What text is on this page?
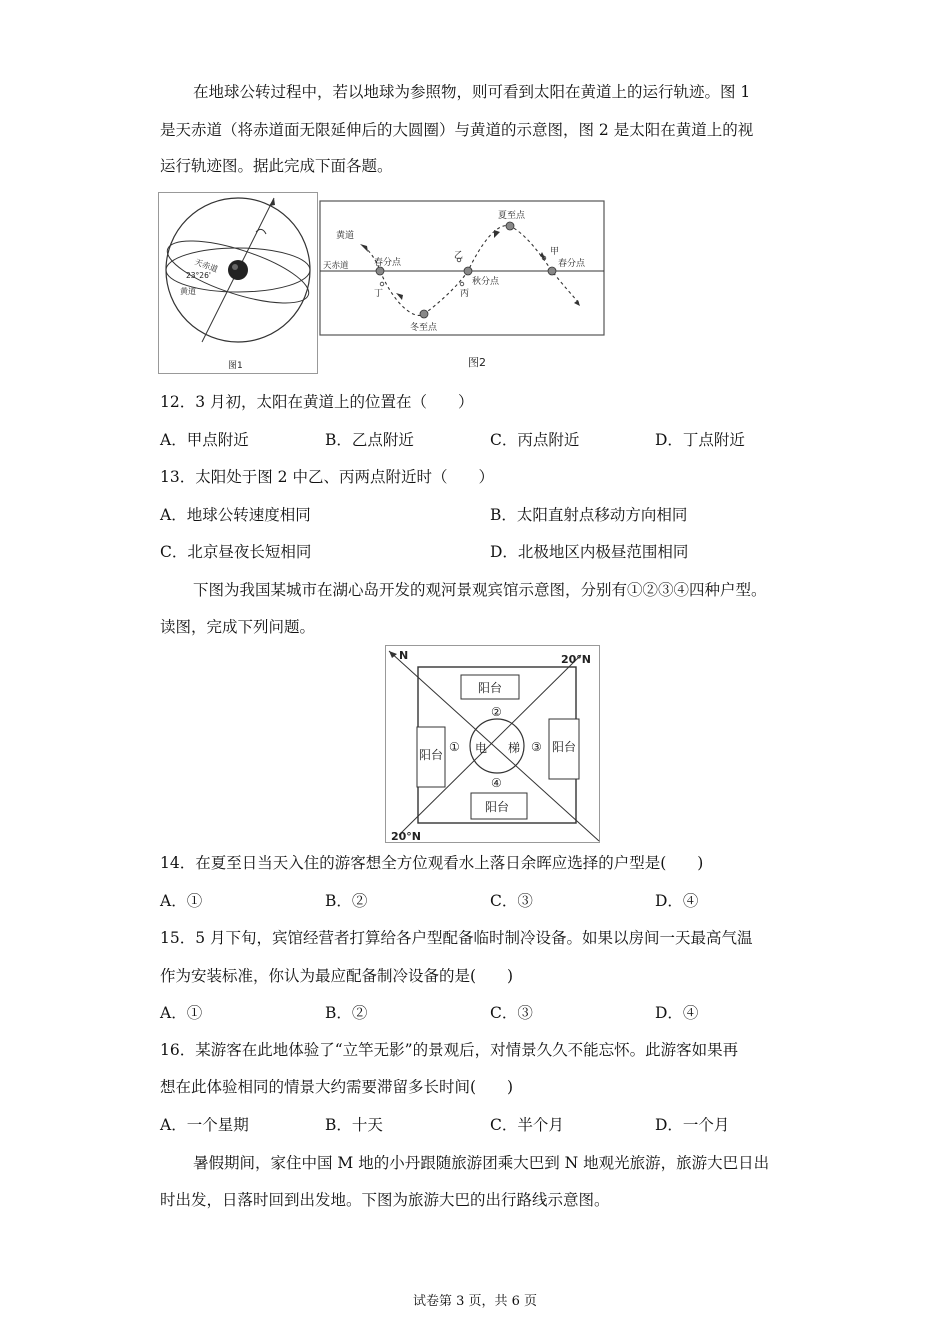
在地球公转过程中，若以地球为参照物，则可看到太阳在黄道上的运行轨迹。图 1
是天赤道（将赤道面无限延伸后的大圆圈）与黄道的示意图，图 2 是太阳在黄道上的视
运行轨迹图。据此完成下面各题。
天赤道
23°26'
黄道
图1
黄道
天赤道	春分点
夏至点
乙
秋分点
丙
丁
冬至点
甲
春分点
图2
12．3 月初，太阳在黄道上的位置在（　　）
A．甲点附近	B．乙点附近	C．丙点附近	D．丁点附近
13．太阳处于图 2 中乙、丙两点附近时（　　）
A．地球公转速度相同	B．太阳直射点移动方向相同
C．北京昼夜长短相同	D．北极地区内极昼范围相同
下图为我国某城市在湖心岛开发的观河景观宾馆示意图，分别有①②③④四种户型。
读图，完成下列问题。
N	20°N
20°N
阳台
阳台
阳台
阳台
电 梯
①
②
③
④
14．在夏至日当天入住的游客想全方位观看水上落日余晖应选择的户型是(　　)
A．①	B．②	C．③	D．④
15．5 月下旬，宾馆经营者打算给各户型配备临时制冷设备。如果以房间一天最高气温
作为安装标准，你认为最应配备制冷设备的是(　　)
A．①	B．②	C．③	D．④
16．某游客在此地体验了“立竿无影”的景观后，对情景久久不能忘怀。此游客如果再
想在此体验相同的情景大约需要滞留多长时间(　　)
A．一个星期	B．十天	C．半个月	D．一个月
暑假期间，家住中国 M 地的小丹跟随旅游团乘大巴到 N 地观光旅游，旅游大巴日出
时出发，日落时回到出发地。下图为旅游大巴的出行路线示意图。
试卷第 3 页，共 6 页
